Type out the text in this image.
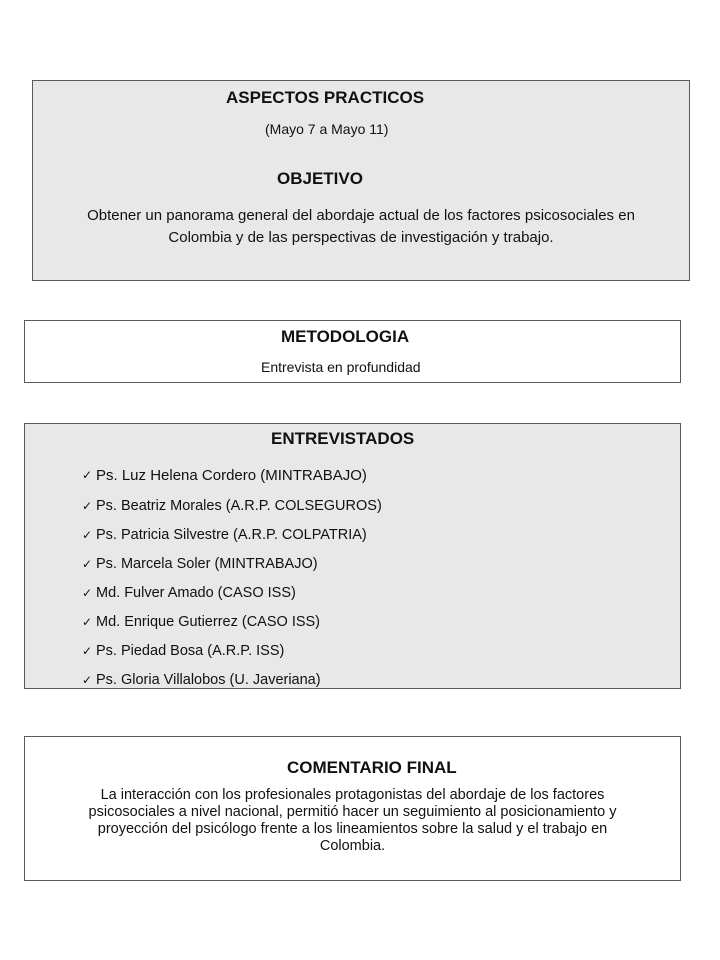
ASPECTOS PRACTICOS
(Mayo 7 a Mayo 11)
OBJETIVO
Obtener un panorama general del abordaje actual de los factores psicosociales en
Colombia y de las perspectivas de investigación y trabajo.
METODOLOGIA
Entrevista en profundidad
ENTREVISTADOS
✓ Ps. Luz Helena Cordero (MINTRABAJO)
✓ Ps. Beatriz Morales (A.R.P. COLSEGUROS)
✓ Ps. Patricia Silvestre (A.R.P. COLPATRIA)
✓ Ps. Marcela Soler (MINTRABAJO)
✓ Md. Fulver Amado (CASO ISS)
✓ Md. Enrique Gutierrez (CASO ISS)
✓ Ps. Piedad Bosa (A.R.P. ISS)
✓ Ps. Gloria Villalobos (U. Javeriana)
COMENTARIO FINAL
La interacción con los profesionales protagonistas del abordaje de los factores
psicosociales a nivel nacional, permitió hacer un seguimiento al posicionamiento y
proyección del psicólogo frente a los lineamientos sobre la salud y el trabajo en
Colombia.
